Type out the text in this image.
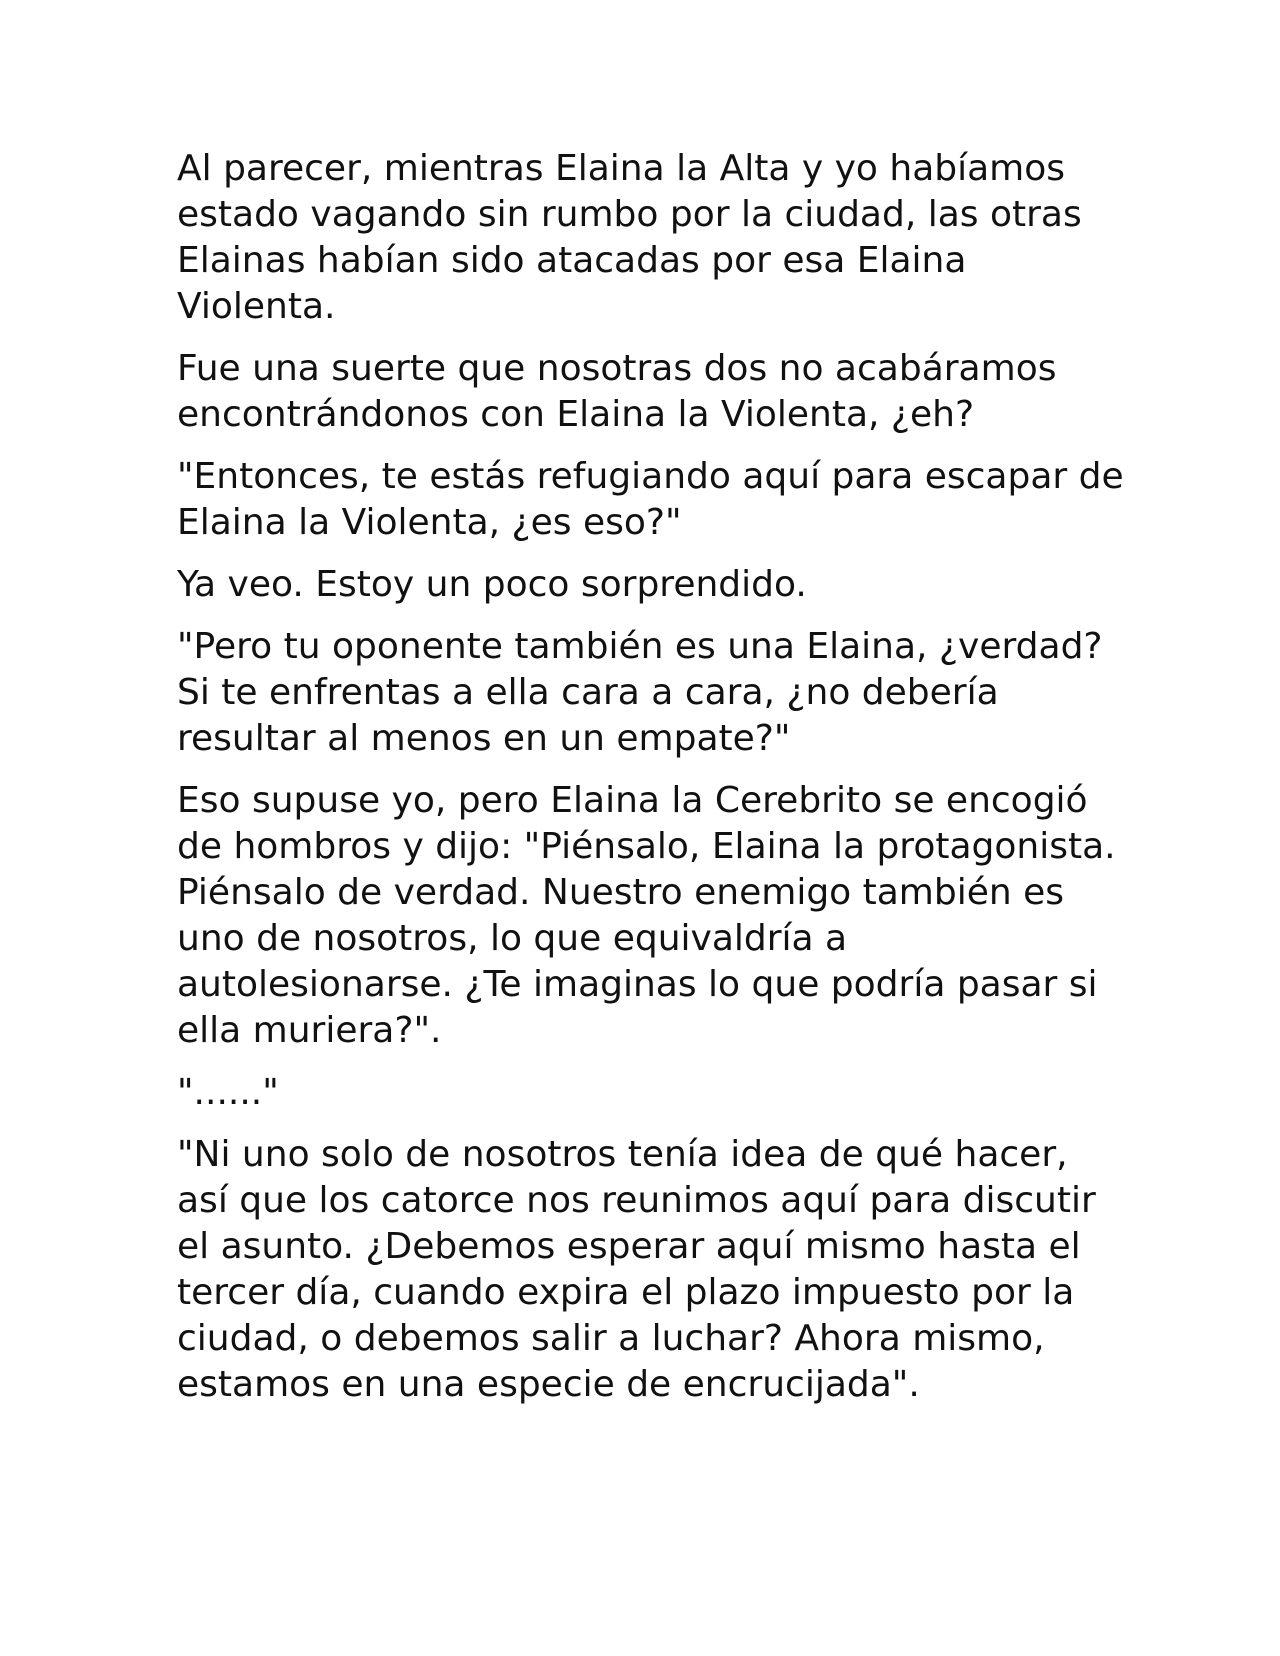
Al parecer, mientras Elaina la Alta y yo habíamos estado vagando sin rumbo por la ciudad, las otras Elainas habían sido atacadas por esa Elaina Violenta.

Fue una suerte que nosotras dos no acabáramos encontrándonos con Elaina la Violenta, ¿eh?

"Entonces, te estás refugiando aquí para escapar de Elaina la Violenta, ¿es eso?"

Ya veo. Estoy un poco sorprendido.

"Pero tu oponente también es una Elaina, ¿verdad? Si te enfrentas a ella cara a cara, ¿no debería resultar al menos en un empate?"

Eso supuse yo, pero Elaina la Cerebrito se encogió de hombros y dijo: "Piénsalo, Elaina la protagonista. Piénsalo de verdad. Nuestro enemigo también es uno de nosotros, lo que equivaldría a autolesionarse. ¿Te imaginas lo que podría pasar si ella muriera?".

"......"

"Ni uno solo de nosotros tenía idea de qué hacer, así que los catorce nos reunimos aquí para discutir el asunto. ¿Debemos esperar aquí mismo hasta el tercer día, cuando expira el plazo impuesto por la ciudad, o debemos salir a luchar? Ahora mismo, estamos en una especie de encrucijada".
